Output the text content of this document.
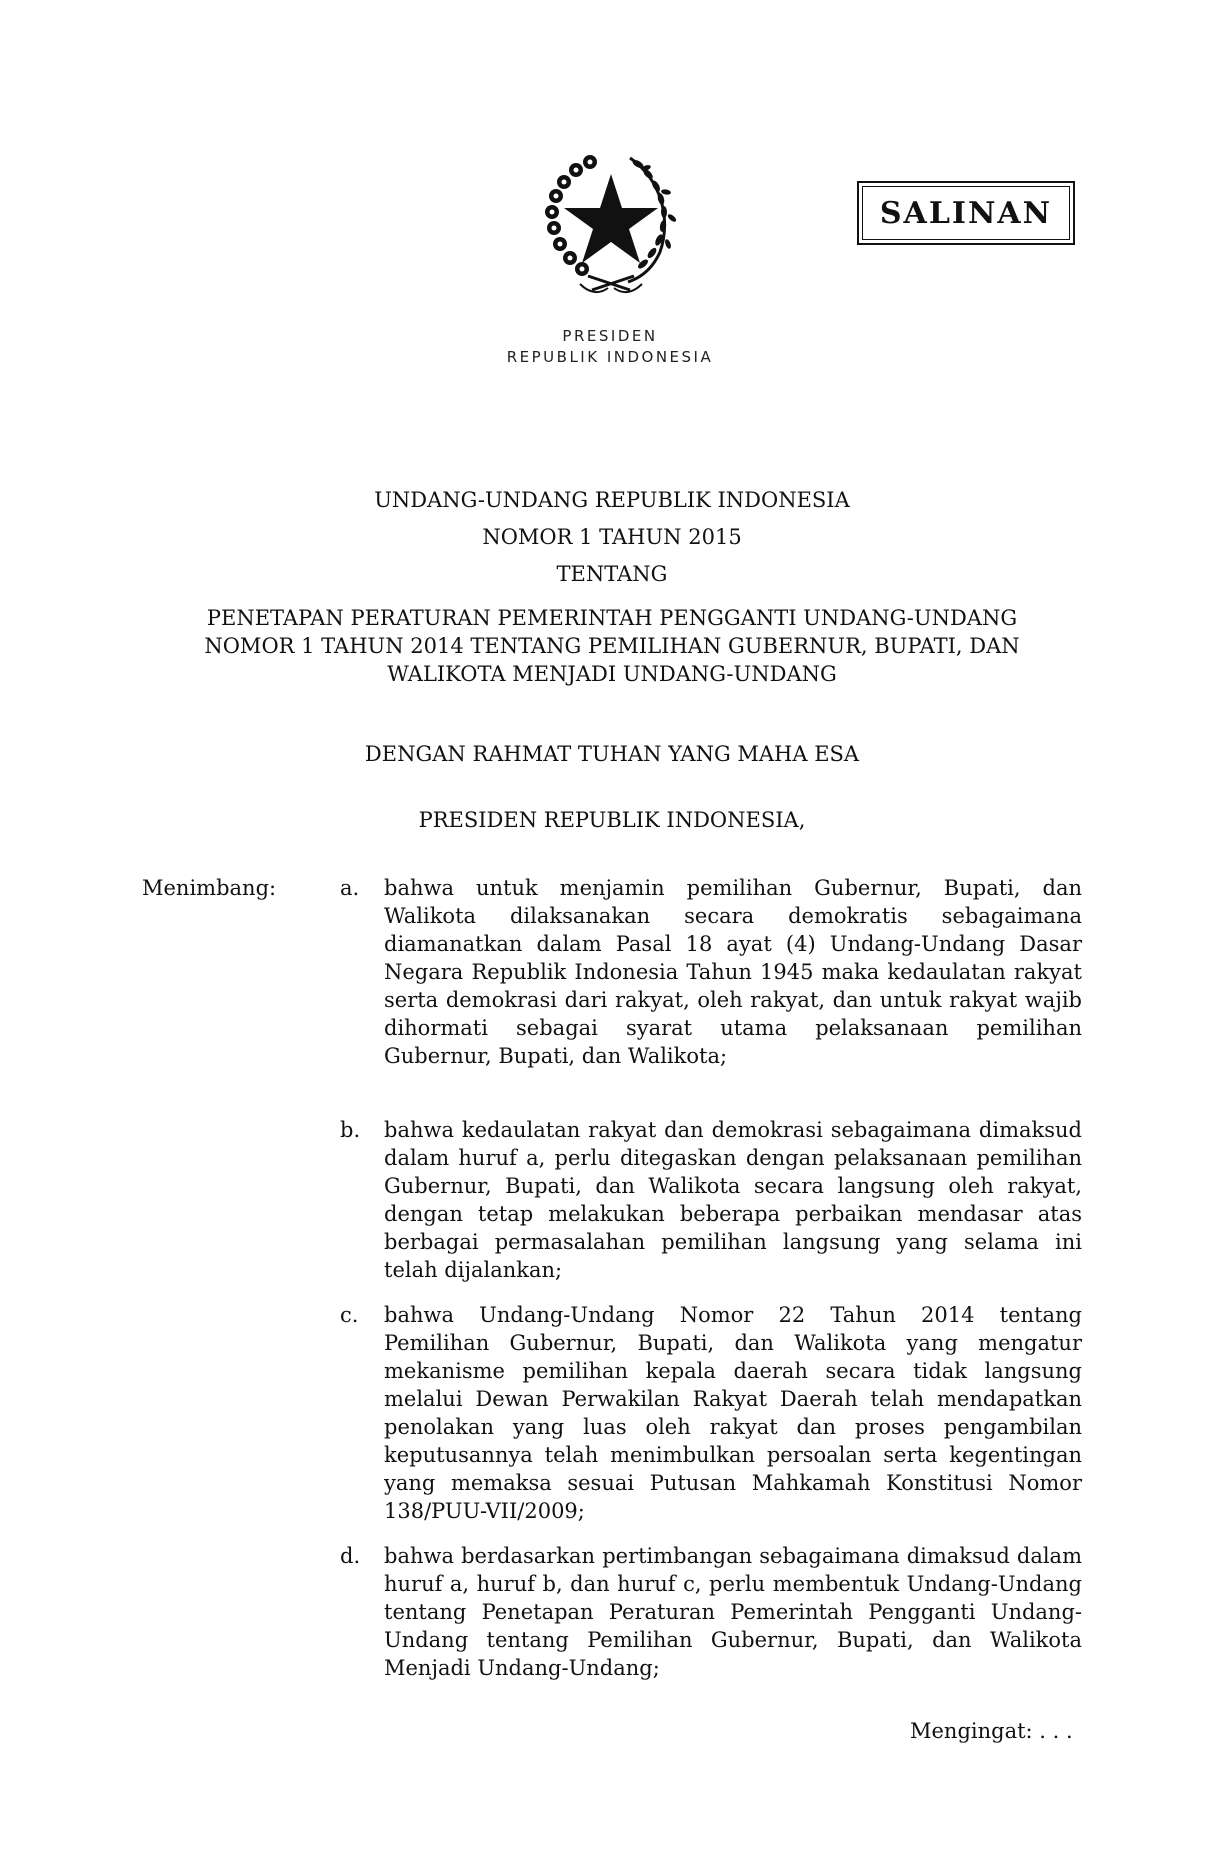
PRESIDEN
REPUBLIK INDONESIA
SALINAN
UNDANG-UNDANG REPUBLIK INDONESIA
NOMOR 1 TAHUN 2015
TENTANG
PENETAPAN PERATURAN PEMERINTAH PENGGANTI UNDANG-UNDANG
NOMOR 1 TAHUN 2014 TENTANG PEMILIHAN GUBERNUR, BUPATI, DAN
WALIKOTA MENJADI UNDANG-UNDANG
DENGAN RAHMAT TUHAN YANG MAHA ESA
PRESIDEN REPUBLIK INDONESIA,
Menimbang:	a.	bahwa untuk menjamin pemilihan Gubernur, Bupati, dan Walikota dilaksanakan secara demokratis sebagaimana diamanatkan dalam Pasal 18 ayat (4) Undang-Undang Dasar Negara Republik Indonesia Tahun 1945 maka kedaulatan rakyat serta demokrasi dari rakyat, oleh rakyat, dan untuk rakyat wajib dihormati sebagai syarat utama pelaksanaan pemilihan Gubernur, Bupati, dan Walikota;
b.	bahwa kedaulatan rakyat dan demokrasi sebagaimana dimaksud dalam huruf a, perlu ditegaskan dengan pelaksanaan pemilihan Gubernur, Bupati, dan Walikota secara langsung oleh rakyat, dengan tetap melakukan beberapa perbaikan mendasar atas berbagai permasalahan pemilihan langsung yang selama ini telah dijalankan;
c.	bahwa Undang-Undang Nomor 22 Tahun 2014 tentang Pemilihan Gubernur, Bupati, dan Walikota yang mengatur mekanisme pemilihan kepala daerah secara tidak langsung melalui Dewan Perwakilan Rakyat Daerah telah mendapatkan penolakan yang luas oleh rakyat dan proses pengambilan keputusannya telah menimbulkan persoalan serta kegentingan yang memaksa sesuai Putusan Mahkamah Konstitusi Nomor 138/PUU-VII/2009;
d.	bahwa berdasarkan pertimbangan sebagaimana dimaksud dalam huruf a, huruf b, dan huruf c, perlu membentuk Undang-Undang tentang Penetapan Peraturan Pemerintah Pengganti Undang-Undang tentang Pemilihan Gubernur, Bupati, dan Walikota Menjadi Undang-Undang;
Mengingat: . . .
